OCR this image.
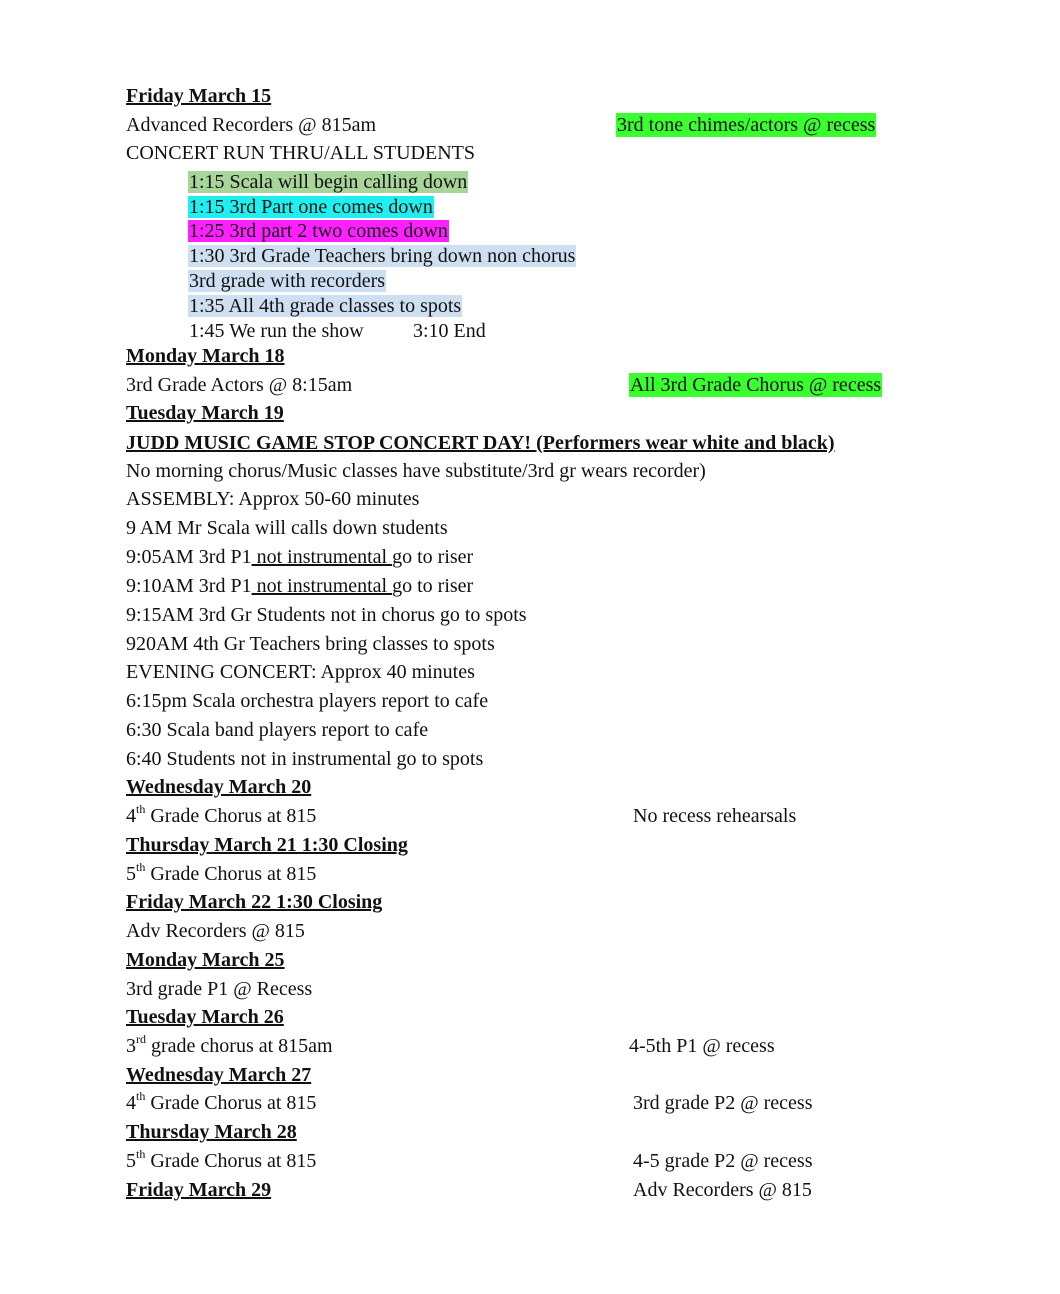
Friday March 15
Advanced Recorders @ 815am	3rd tone chimes/actors @ recess
CONCERT RUN THRU/ALL STUDENTS
1:15 Scala will begin calling down
1:15 3rd Part one comes down
1:25 3rd part 2 two comes down
1:30 3rd Grade Teachers bring down non chorus
3rd grade with recorders
1:35 All 4th grade classes to spots
1:45 We run the show 3:10 End
Monday March 18
3rd Grade Actors @ 8:15am	All 3rd Grade Chorus @ recess
Tuesday March 19
JUDD MUSIC GAME STOP CONCERT DAY! (Performers wear white and black)
No morning chorus/Music classes have substitute/3rd gr wears recorder)
ASSEMBLY: Approx 50-60 minutes
9 AM Mr Scala will calls down students
9:05AM 3rd P1 not instrumental go to riser
9:10AM 3rd P1 not instrumental go to riser
9:15AM 3rd Gr Students not in chorus go to spots
920AM 4th Gr Teachers bring classes to spots
EVENING CONCERT: Approx 40 minutes
6:15pm Scala orchestra players report to cafe
6:30 Scala band players report to cafe
6:40 Students not in instrumental go to spots
Wednesday March 20
4th Grade Chorus at 815	No recess rehearsals
Thursday March 21 1:30 Closing
5th Grade Chorus at 815
Friday March 22 1:30 Closing
Adv Recorders @ 815
Monday March 25
3rd grade P1 @ Recess
Tuesday March 26
3rd grade chorus at 815am	4-5th P1 @ recess
Wednesday March 27
4th Grade Chorus at 815	3rd grade P2 @ recess
Thursday March 28
5th Grade Chorus at 815	4-5 grade P2 @ recess
Friday March 29	Adv Recorders @ 815
